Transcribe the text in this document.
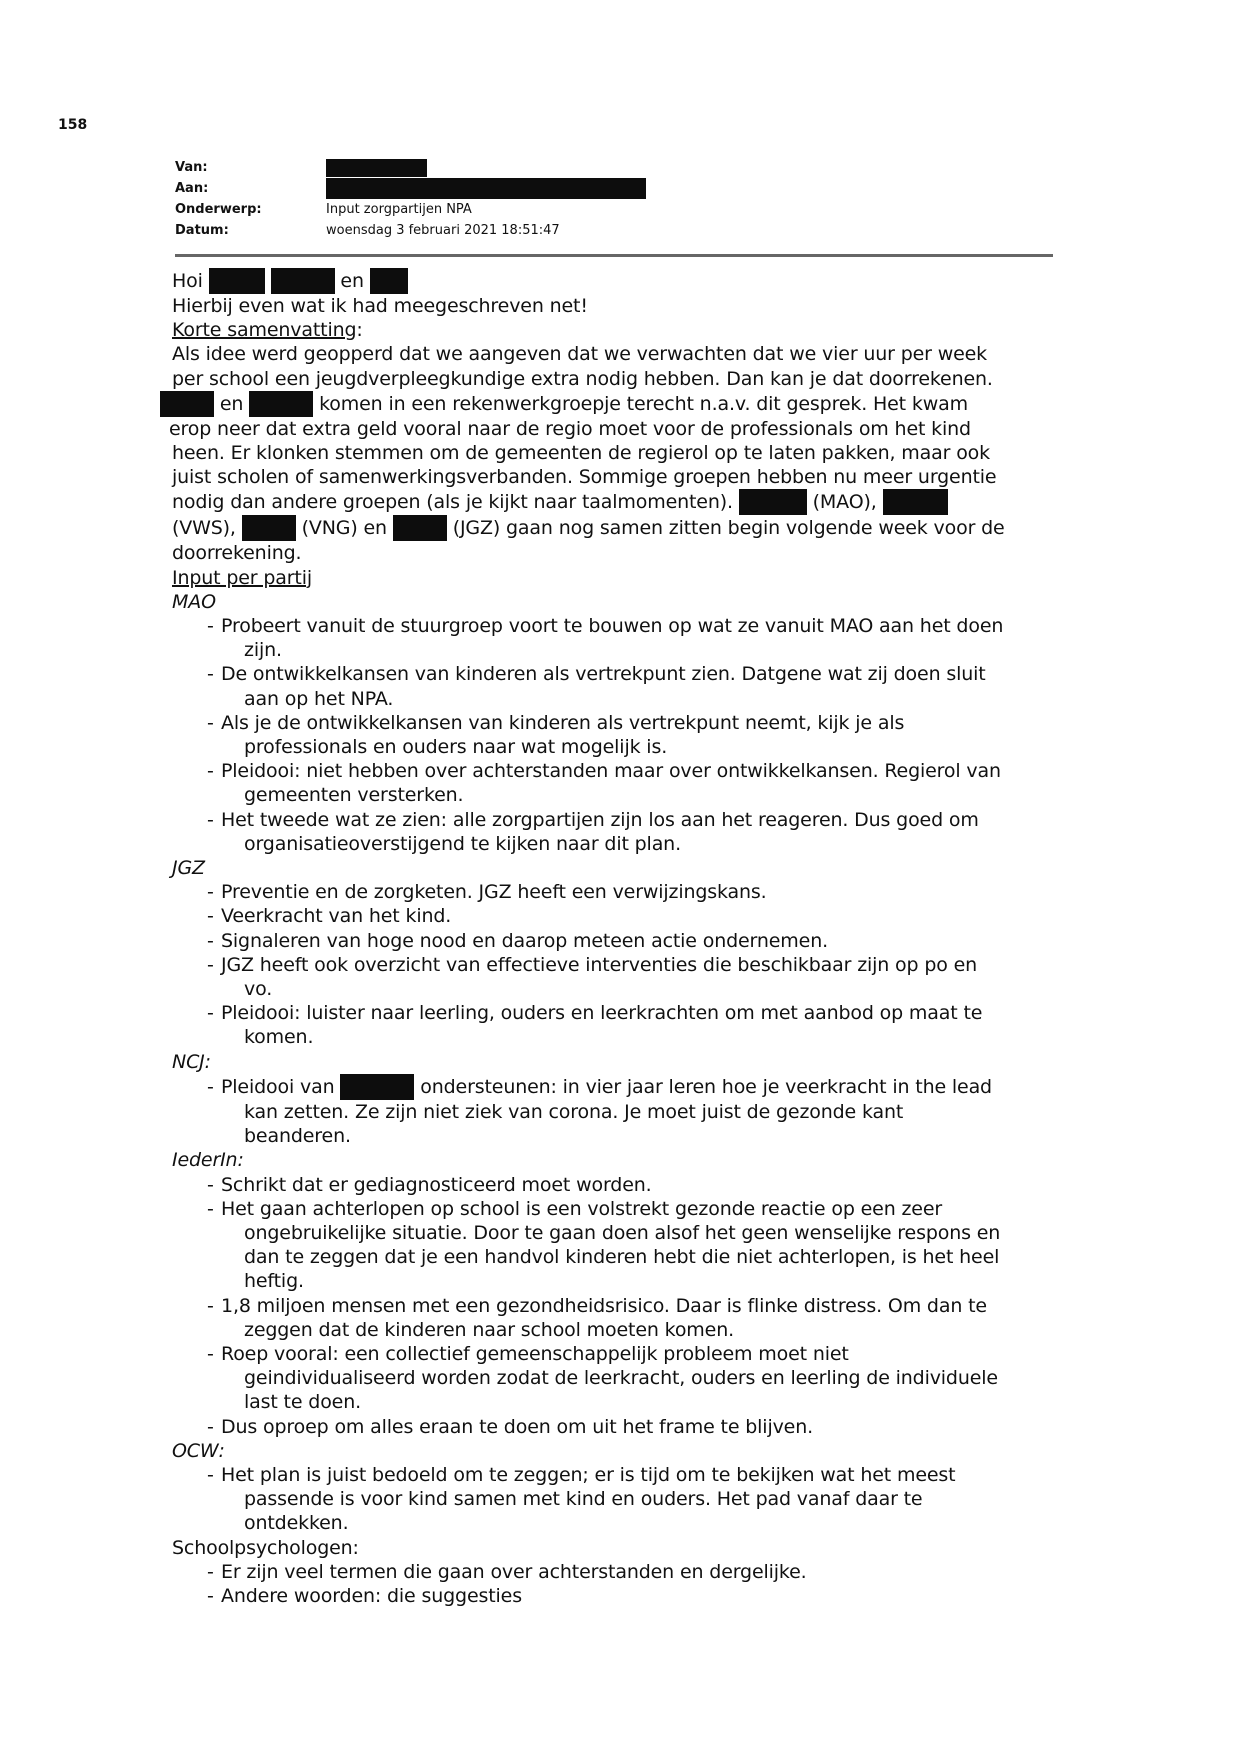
158
Van:
Aan:
Onderwerp:	Input zorgpartijen NPA
Datum:	woensdag 3 februari 2021 18:51:47
Hoi	en
Hierbij even wat ik had meegeschreven net!
Korte samenvatting:
Als idee werd geopperd dat we aangeven dat we verwachten dat we vier uur per week
per school een jeugdverpleegkundige extra nodig hebben. Dan kan je dat doorrekenen.
en	komen in een rekenwerkgroepje terecht n.a.v. dit gesprek. Het kwam
erop neer dat extra geld vooral naar de regio moet voor de professionals om het kind
heen. Er klonken stemmen om de gemeenten de regierol op te laten pakken, maar ook
juist scholen of samenwerkingsverbanden. Sommige groepen hebben nu meer urgentie
nodig dan andere groepen (als je kijkt naar taalmomenten).	(MAO),
(VWS),	(VNG) en	(JGZ) gaan nog samen zitten begin volgende week voor de
doorrekening.
Input per partij
MAO
- Probeert vanuit de stuurgroep voort te bouwen op wat ze vanuit MAO aan het doen
zijn.
- De ontwikkelkansen van kinderen als vertrekpunt zien. Datgene wat zij doen sluit
aan op het NPA.
- Als je de ontwikkelkansen van kinderen als vertrekpunt neemt, kijk je als
professionals en ouders naar wat mogelijk is.
- Pleidooi: niet hebben over achterstanden maar over ontwikkelkansen. Regierol van
gemeenten versterken.
- Het tweede wat ze zien: alle zorgpartijen zijn los aan het reageren. Dus goed om
organisatieoverstijgend te kijken naar dit plan.
JGZ
- Preventie en de zorgketen. JGZ heeft een verwijzingskans.
- Veerkracht van het kind.
- Signaleren van hoge nood en daarop meteen actie ondernemen.
- JGZ heeft ook overzicht van effectieve interventies die beschikbaar zijn op po en
vo.
- Pleidooi: luister naar leerling, ouders en leerkrachten om met aanbod op maat te
komen.
NCJ:
- Pleidooi van	ondersteunen: in vier jaar leren hoe je veerkracht in the lead
kan zetten. Ze zijn niet ziek van corona. Je moet juist de gezonde kant
beanderen.
IederIn:
- Schrikt dat er gediagnosticeerd moet worden.
- Het gaan achterlopen op school is een volstrekt gezonde reactie op een zeer
ongebruikelijke situatie. Door te gaan doen alsof het geen wenselijke respons en
dan te zeggen dat je een handvol kinderen hebt die niet achterlopen, is het heel
heftig.
- 1,8 miljoen mensen met een gezondheidsrisico. Daar is flinke distress. Om dan te
zeggen dat de kinderen naar school moeten komen.
- Roep vooral: een collectief gemeenschappelijk probleem moet niet
geindividualiseerd worden zodat de leerkracht, ouders en leerling de individuele
last te doen.
- Dus oproep om alles eraan te doen om uit het frame te blijven.
OCW:
- Het plan is juist bedoeld om te zeggen; er is tijd om te bekijken wat het meest
passende is voor kind samen met kind en ouders. Het pad vanaf daar te
ontdekken.
Schoolpsychologen:
- Er zijn veel termen die gaan over achterstanden en dergelijke.
- Andere woorden: die suggesties
